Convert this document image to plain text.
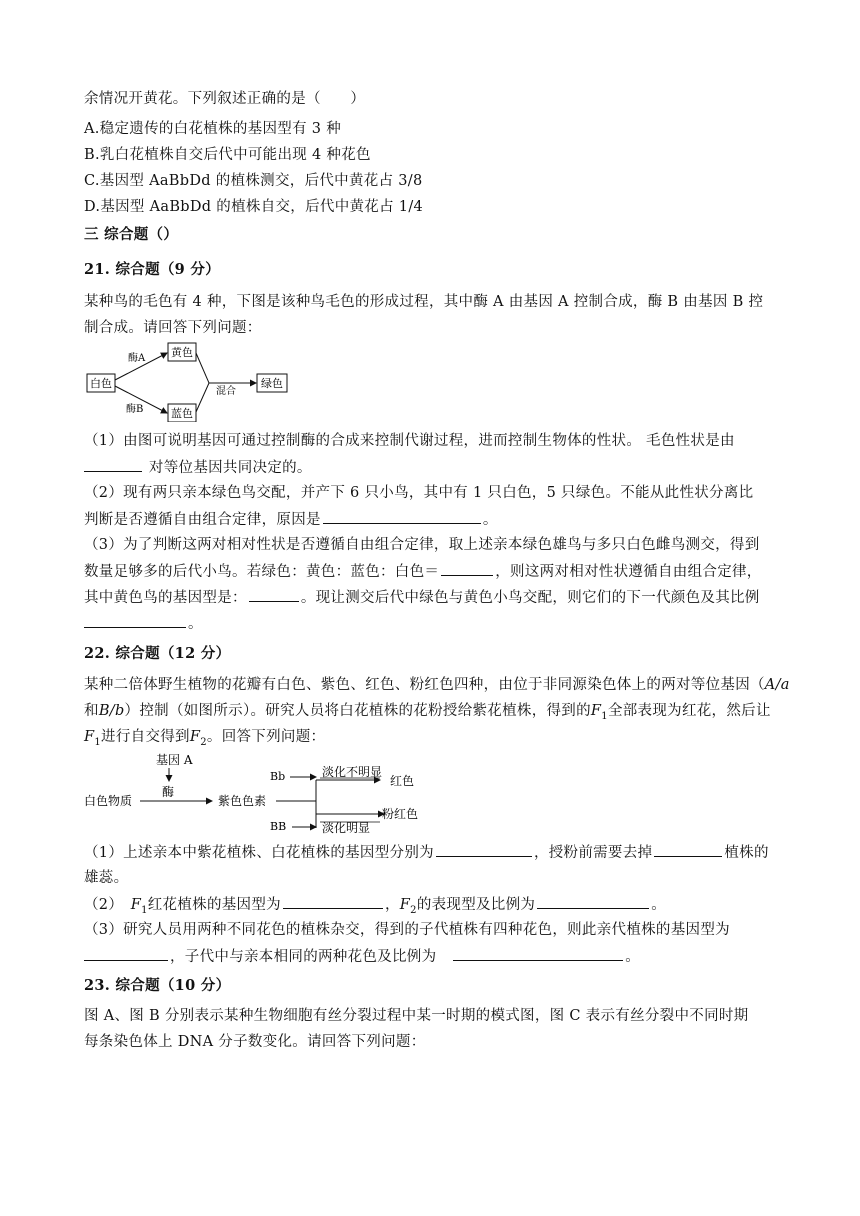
余情况开黄花。下列叙述正确的是（　　）
A.稳定遗传的白花植株的基因型有 3 种
B.乳白花植株自交后代中可能出现 4 种花色
C.基因型 AaBbDd 的植株测交，后代中黄花占 3/8
D.基因型 AaBbDd 的植株自交，后代中黄花占 1/4
三 综合题（）
21. 综合题（9 分）
某种鸟的毛色有 4 种，下图是该种鸟毛色的形成过程，其中酶 A 由基因 A 控制合成，酶 B 由基因 B 控
制合成。请回答下列问题：
白色
酶A
酶B
黄色
蓝色
混合
绿色
（1）由图可说明基因可通过控制酶的合成来控制代谢过程，进而控制生物体的性状。 毛色性状是由
对等位基因共同决定的。
（2）现有两只亲本绿色鸟交配，并产下 6 只小鸟，其中有 1 只白色，5 只绿色。不能从此性状分离比
判断是否遵循自由组合定律，原因是	。
（3）为了判断这两对相对性状是否遵循自由组合定律，取上述亲本绿色雄鸟与多只白色雌鸟测交，得到
数量足够多的后代小鸟。若绿色：黄色：蓝色：白色＝	，则这两对相对性状遵循自由组合定律，
其中黄色鸟的基因型是：	。现让测交后代中绿色与黄色小鸟交配，则它们的下一代颜色及其比例
。
22. 综合题（12 分）
某种二倍体野生植物的花瓣有白色、紫色、红色、粉红色四种，由位于非同源染色体上的两对等位基因（A/a
和B/b）控制（如图所示）。研究人员将白花植株的花粉授给紫花植株，得到的$F_1$全部表现为红花，然后让
$F_1$进行自交得到$F_2$。回答下列问题：
基因 A
酶
白色物质	紫色色素
Bb	淡化不明显
红色
粉红色
BB	淡化明显
（1）上述亲本中紫花植株、白花植株的基因型分别为	，授粉前需要去掉	植株的
雄蕊。
（2）  $F_1$红花植株的基因型为	，$F_2$的表现型及比例为	。
（3）研究人员用两种不同花色的植株杂交，得到的子代植株有四种花色，则此亲代植株的基因型为
，子代中与亲本相同的两种花色及比例为 	。
23. 综合题（10 分）
图 A、图 B 分别表示某种生物细胞有丝分裂过程中某一时期的模式图，图 C 表示有丝分裂中不同时期
每条染色体上 DNA 分子数变化。请回答下列问题：
